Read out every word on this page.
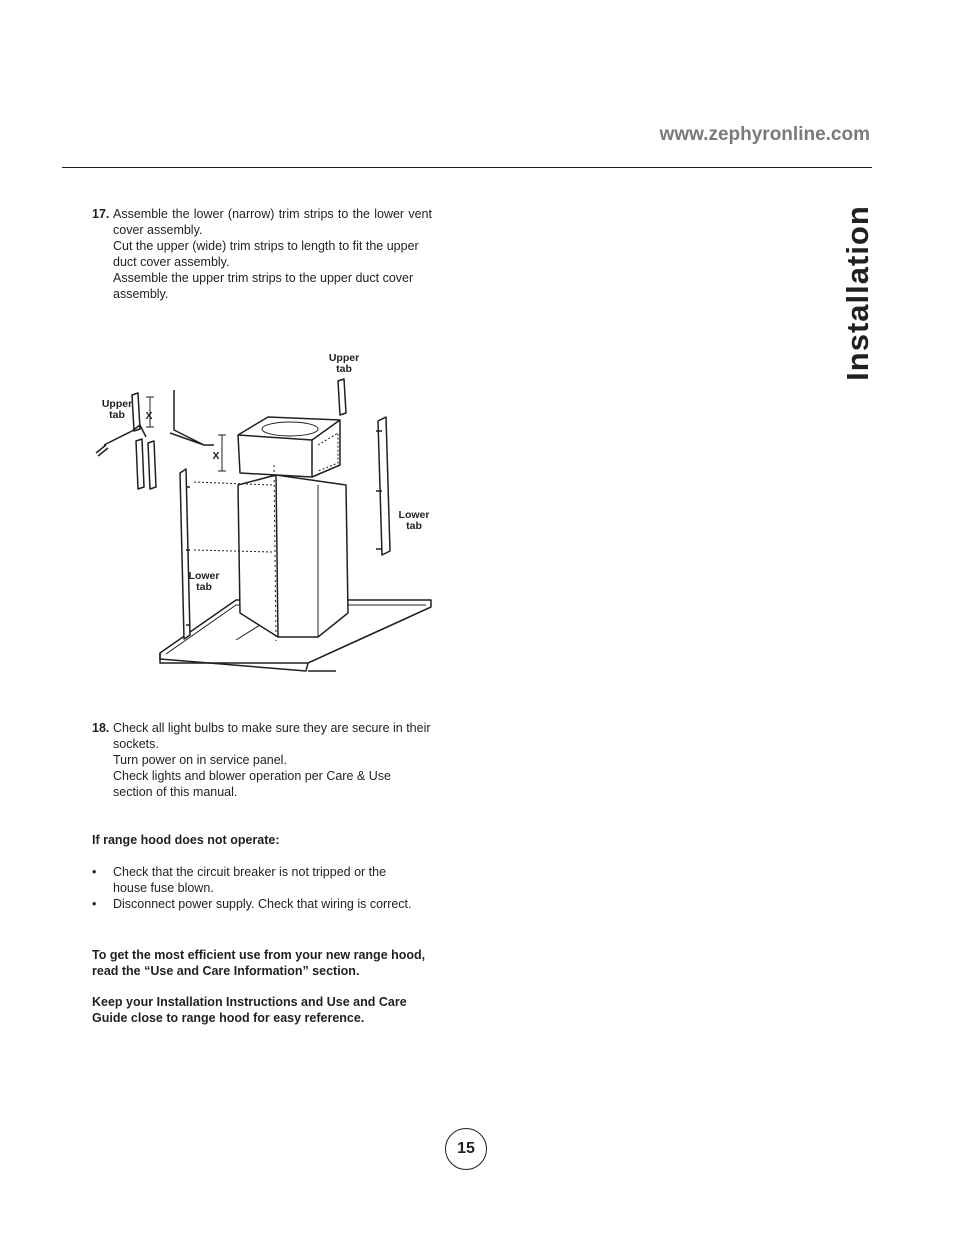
www.zephyronline.com
Installation
17. Assemble the lower (narrow) trim strips to the lower vent cover assembly.
Cut the upper (wide) trim strips to length to fit the upper duct cover assembly.
Assemble the upper trim strips to the upper duct cover assembly.
Upper
tab
Upper
tab
Lower
tab
Lower
tab
X
X
18. Check all light bulbs to make sure they are secure in their sockets.
Turn power on in service panel.
Check lights and blower operation per Care & Use section of this manual.
If range hood does not operate:
• Check that the circuit breaker is not tripped or the house fuse blown.
• Disconnect power supply. Check that wiring is correct.
To get the most efficient use from your new range hood, read the “Use and Care Information” section.
Keep your Installation Instructions and Use and Care Guide close to range hood for easy reference.
15
